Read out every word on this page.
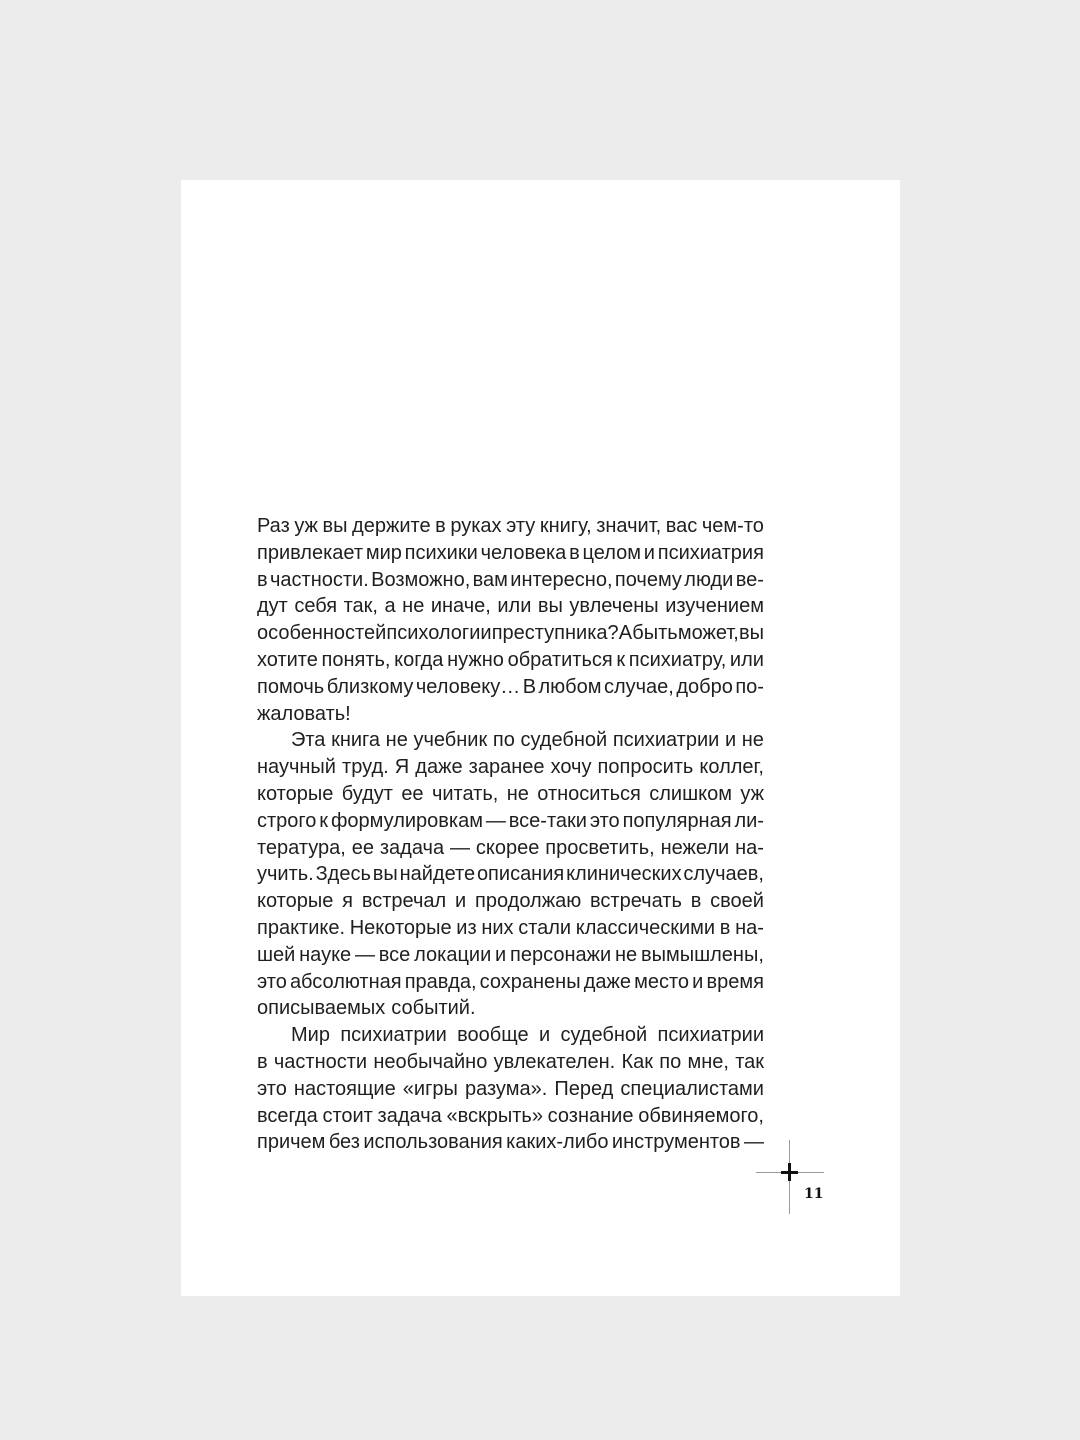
Раз уж вы держите в руках эту книгу, значит, вас чем-то
привлекает мир психики человека в целом и психиатрия
в частности. Возможно, вам интересно, почему люди ве-
дут себя так, а не иначе, или вы увлечены изучением
особенностей психологии преступника? А быть может, вы
хотите понять, когда нужно обратиться к психиатру, или
помочь близкому человеку… В любом случае, добро по-
жаловать!
Эта книга не учебник по судебной психиатрии и не
научный труд. Я даже заранее хочу попросить коллег,
которые будут ее читать, не относиться слишком уж
строго к формулировкам — все-таки это популярная ли-
тература, ее задача — скорее просветить, нежели на-
учить. Здесь вы найдете описания клинических случаев,
которые я встречал и продолжаю встречать в своей
практике. Некоторые из них стали классическими в на-
шей науке — все локации и персонажи не вымышлены,
это абсолютная правда, сохранены даже место и время
описываемых событий.
Мир психиатрии вообще и судебной психиатрии
в частности необычайно увлекателен. Как по мне, так
это настоящие «игры разума». Перед специалистами
всегда стоит задача «вскрыть» сознание обвиняемого,
причем без использования каких-либо инструментов —
11
